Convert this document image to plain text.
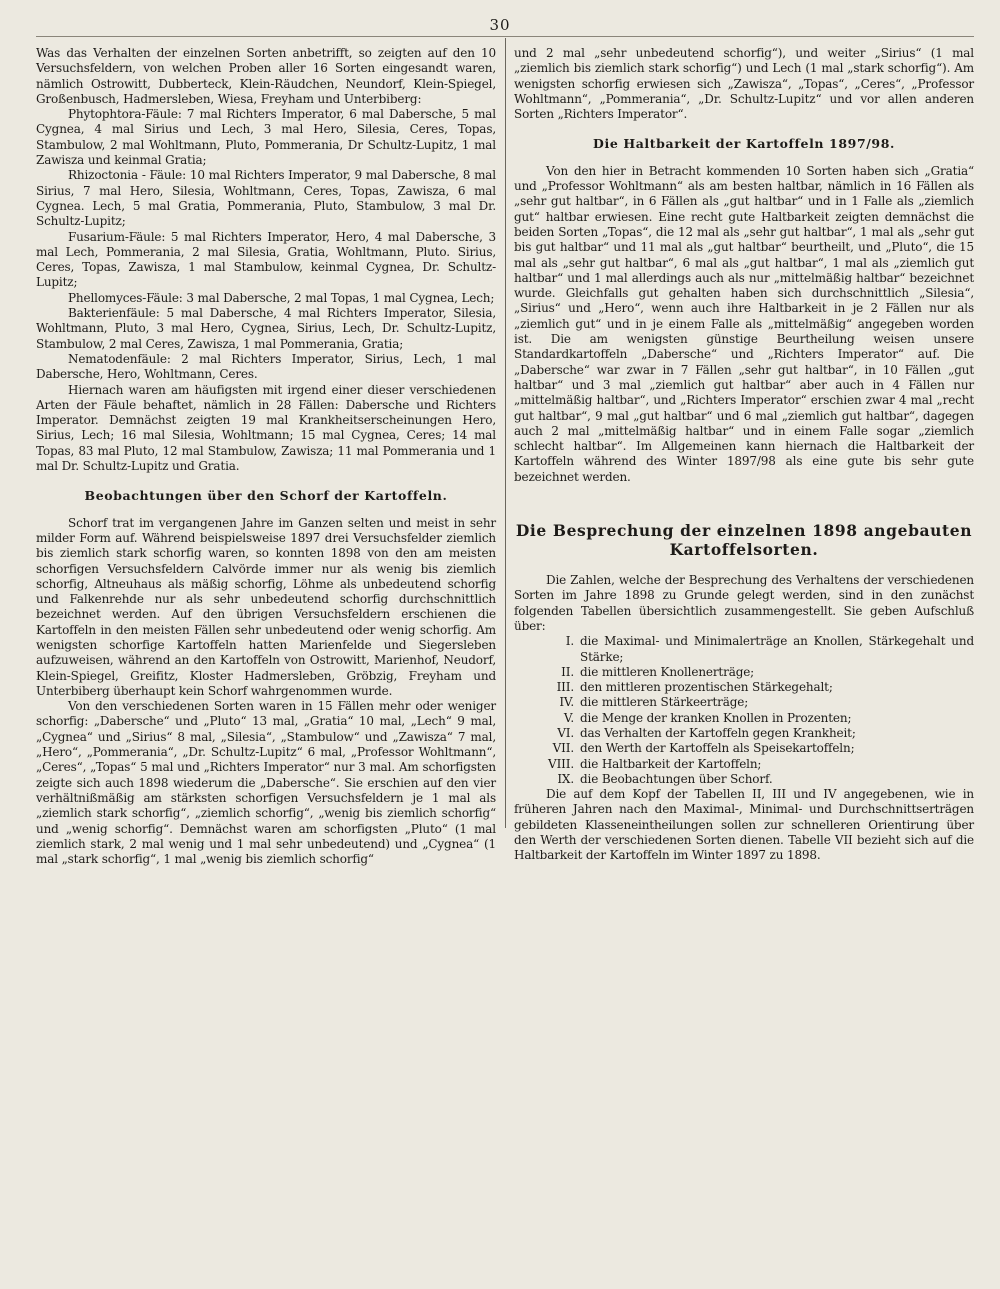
30

Was das Verhalten der einzelnen Sorten anbetrifft, so zeigten auf den 10 Versuchsfeldern, von welchen Proben aller 16 Sorten eingesandt waren, nämlich Ostrowitt, Dubberteck, Klein-Räudchen, Neundorf, Klein-Spiegel, Großenbusch, Hadmersleben, Wiesa, Freyham und Unterbiberg:

Phytophtora-Fäule: 7 mal Richters Imperator, 6 mal Dabersche, 5 mal Cygnea, 4 mal Sirius und Lech, 3 mal Hero, Silesia, Ceres, Topas, Stambulow, 2 mal Wohltmann, Pluto, Pommerania, Dr Schultz-Lupitz, 1 mal Zawisza und keinmal Gratia;

Rhizoctonia - Fäule: 10 mal Richters Imperator, 9 mal Dabersche, 8 mal Sirius, 7 mal Hero, Silesia, Wohltmann, Ceres, Topas, Zawisza, 6 mal Cygnea. Lech, 5 mal Gratia, Pommerania, Pluto, Stambulow, 3 mal Dr. Schultz-Lupitz;

Fusarium-Fäule: 5 mal Richters Imperator, Hero, 4 mal Dabersche, 3 mal Lech, Pommerania, 2 mal Silesia, Gratia, Wohltmann, Pluto. Sirius, Ceres, Topas, Zawisza, 1 mal Stambulow, keinmal Cygnea, Dr. Schultz-Lupitz;

Phellomyces-Fäule: 3 mal Dabersche, 2 mal Topas, 1 mal Cygnea, Lech;

Bakterienfäule: 5 mal Dabersche, 4 mal Richters Imperator, Silesia, Wohltmann, Pluto, 3 mal Hero, Cygnea, Sirius, Lech, Dr. Schultz-Lupitz, Stambulow, 2 mal Ceres, Zawisza, 1 mal Pommerania, Gratia;

Nematodenfäule: 2 mal Richters Imperator, Sirius, Lech, 1 mal Dabersche, Hero, Wohltmann, Ceres.

Hiernach waren am häufigsten mit irgend einer dieser verschiedenen Arten der Fäule behaftet, nämlich in 28 Fällen: Dabersche und Richters Imperator. Demnächst zeigten 19 mal Krankheitserscheinungen Hero, Sirius, Lech; 16 mal Silesia, Wohltmann; 15 mal Cygnea, Ceres; 14 mal Topas, 83 mal Pluto, 12 mal Stambulow, Zawisza; 11 mal Pommerania und 1 mal Dr. Schultz-Lupitz und Gratia.

Beobachtungen über den Schorf der Kartoffeln.

Schorf trat im vergangenen Jahre im Ganzen selten und meist in sehr milder Form auf. Während beispielsweise 1897 drei Versuchsfelder ziemlich bis ziemlich stark schorfig waren, so konnten 1898 von den am meisten schorfigen Versuchsfeldern Calvörde immer nur als wenig bis ziemlich schorfig, Altneuhaus als mäßig schorfig, Löhme als unbedeutend schorfig und Falkenrehde nur als sehr unbedeutend schorfig durchschnittlich bezeichnet werden. Auf den übrigen Versuchsfeldern erschienen die Kartoffeln in den meisten Fällen sehr unbedeutend oder wenig schorfig. Am wenigsten schorfige Kartoffeln hatten Marienfelde und Siegersleben aufzuweisen, während an den Kartoffeln von Ostrowitt, Marienhof, Neudorf, Klein-Spiegel, Greifitz, Kloster Hadmersleben, Gröbzig, Freyham und Unterbiberg überhaupt kein Schorf wahrgenommen wurde.

Von den verschiedenen Sorten waren in 15 Fällen mehr oder weniger schorfig: „Dabersche“ und „Pluto“ 13 mal, „Gratia“ 10 mal, „Lech“ 9 mal, „Cygnea“ und „Sirius“ 8 mal, „Silesia“, „Stambulow“ und „Zawisza“ 7 mal, „Hero“, „Pommerania“, „Dr. Schultz-Lupitz“ 6 mal, „Professor Wohltmann“, „Ceres“, „Topas“ 5 mal und „Richters Imperator“ nur 3 mal. Am schorfigsten zeigte sich auch 1898 wiederum die „Dabersche“. Sie erschien auf den vier verhältnißmäßig am stärksten schorfigen Versuchsfeldern je 1 mal als „ziemlich stark schorfig“, „ziemlich schorfig“, „wenig bis ziemlich schorfig“ und „wenig schorfig“. Demnächst waren am schorfigsten „Pluto“ (1 mal ziemlich stark, 2 mal wenig und 1 mal sehr unbedeutend) und „Cygnea“ (1 mal „stark schorfig“, 1 mal „wenig bis ziemlich schorfig“

und 2 mal „sehr unbedeutend schorfig“), und weiter „Sirius“ (1 mal „ziemlich bis ziemlich stark schorfig“) und Lech (1 mal „stark schorfig“). Am wenigsten schorfig erwiesen sich „Zawisza“, „Topas“, „Ceres“, „Professor Wohltmann“, „Pommerania“, „Dr. Schultz-Lupitz“ und vor allen anderen Sorten „Richters Imperator“.

Die Haltbarkeit der Kartoffeln 1897/98.

Von den hier in Betracht kommenden 10 Sorten haben sich „Gratia“ und „Professor Wohltmann“ als am besten haltbar, nämlich in 16 Fällen als „sehr gut haltbar“, in 6 Fällen als „gut haltbar“ und in 1 Falle als „ziemlich gut“ haltbar erwiesen. Eine recht gute Haltbarkeit zeigten demnächst die beiden Sorten „Topas“, die 12 mal als „sehr gut haltbar“, 1 mal als „sehr gut bis gut haltbar“ und 11 mal als „gut haltbar“ beurtheilt, und „Pluto“, die 15 mal als „sehr gut haltbar“, 6 mal als „gut haltbar“, 1 mal als „ziemlich gut haltbar“ und 1 mal allerdings auch als nur „mittelmäßig haltbar“ bezeichnet wurde. Gleichfalls gut gehalten haben sich durchschnittlich „Silesia“, „Sirius“ und „Hero“, wenn auch ihre Haltbarkeit in je 2 Fällen nur als „ziemlich gut“ und in je einem Falle als „mittelmäßig“ angegeben worden ist. Die am wenigsten günstige Beurtheilung weisen unsere Standardkartoffeln „Dabersche“ und „Richters Imperator“ auf. Die „Dabersche“ war zwar in 7 Fällen „sehr gut haltbar“, in 10 Fällen „gut haltbar“ und 3 mal „ziemlich gut haltbar“ aber auch in 4 Fällen nur „mittelmäßig haltbar“, und „Richters Imperator“ erschien zwar 4 mal „recht gut haltbar“, 9 mal „gut haltbar“ und 6 mal „ziemlich gut haltbar“, dagegen auch 2 mal „mittelmäßig haltbar“ und in einem Falle sogar „ziemlich schlecht haltbar“. Im Allgemeinen kann hiernach die Haltbarkeit der Kartoffeln während des Winter 1897/98 als eine gute bis sehr gute bezeichnet werden.

Die Besprechung der einzelnen 1898 angebauten Kartoffelsorten.

Die Zahlen, welche der Besprechung des Verhaltens der verschiedenen Sorten im Jahre 1898 zu Grunde gelegt werden, sind in den zunächst folgenden Tabellen übersichtlich zusammengestellt. Sie geben Aufschluß über:

I. die Maximal- und Minimalerträge an Knollen, Stärkegehalt und Stärke;
II. die mittleren Knollenerträge;
III. den mittleren prozentischen Stärkegehalt;
IV. die mittleren Stärkeerträge;
V. die Menge der kranken Knollen in Prozenten;
VI. das Verhalten der Kartoffeln gegen Krankheit;
VII. den Werth der Kartoffeln als Speisekartoffeln;
VIII. die Haltbarkeit der Kartoffeln;
IX. die Beobachtungen über Schorf.

Die auf dem Kopf der Tabellen II, III und IV angegebenen, wie in früheren Jahren nach den Maximal-, Minimal- und Durchschnittserträgen gebildeten Klasseneintheilungen sollen zur schnelleren Orientirung über den Werth der verschiedenen Sorten dienen. Tabelle VII bezieht sich auf die Haltbarkeit der Kartoffeln im Winter 1897 zu 1898.
